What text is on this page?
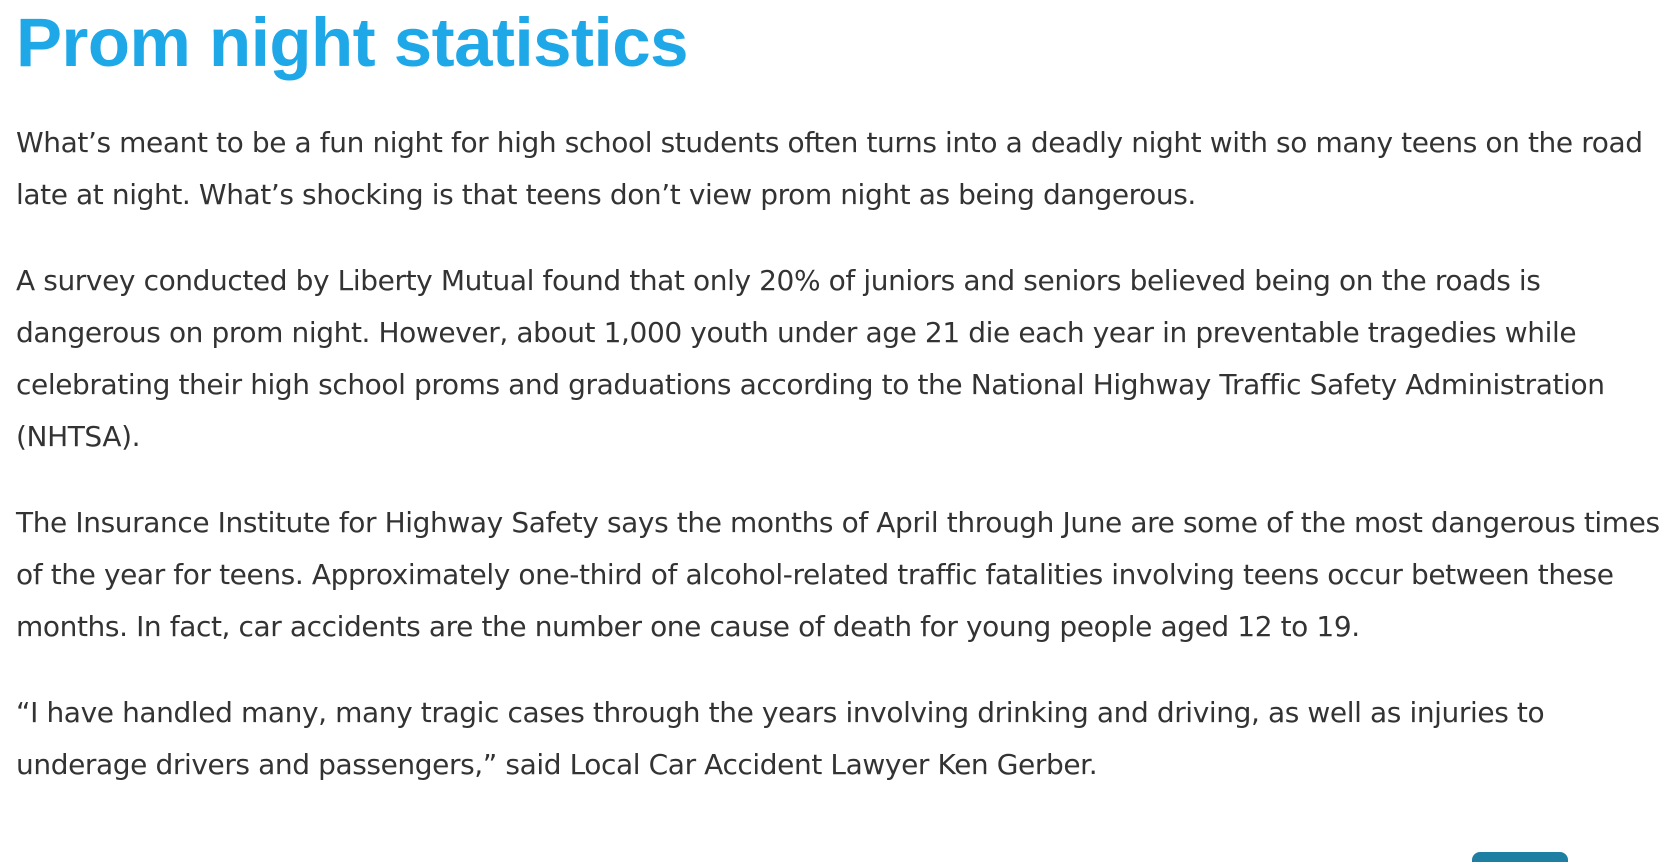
Prom night statistics

What’s meant to be a fun night for high school students often turns into a deadly night with so many teens on the road late at night. What’s shocking is that teens don’t view prom night as being dangerous.

A survey conducted by Liberty Mutual found that only 20% of juniors and seniors believed being on the roads is dangerous on prom night. However, about 1,000 youth under age 21 die each year in preventable tragedies while celebrating their high school proms and graduations according to the National Highway Traffic Safety Administration (NHTSA).

The Insurance Institute for Highway Safety says the months of April through June are some of the most dangerous times of the year for teens. Approximately one-third of alcohol-related traffic fatalities involving teens occur between these months. In fact, car accidents are the number one cause of death for young people aged 12 to 19.

“I have handled many, many tragic cases through the years involving drinking and driving, as well as injuries to underage drivers and passengers,” said Local Car Accident Lawyer Ken Gerber.
